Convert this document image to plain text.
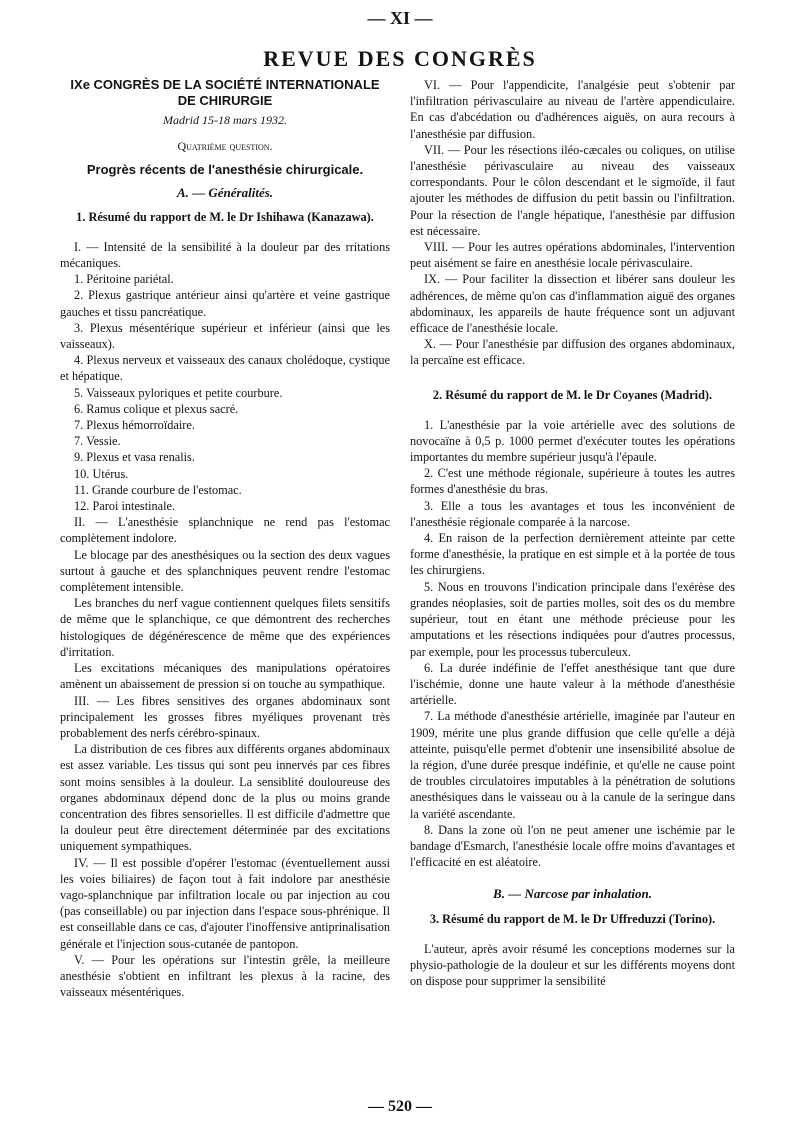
— XI —
REVUE DES CONGRÈS
IXe CONGRÈS DE LA SOCIÉTÉ INTERNATIONALE DE CHIRURGIE
Madrid 15-18 mars 1932.
Quatrième question.
Progrès récents de l'anesthésie chirurgicale.
A. — Généralités.
1. Résumé du rapport de M. le Dr Ishihawa (Kanazawa).

I. — Intensité de la sensibilité à la douleur par des rritations mécaniques.

1. Péritoine pariétal.

2. Plexus gastrique antérieur ainsi qu'artère et veine gastrique gauches et tissu pancréatique.

3. Plexus mésentérique supérieur et inférieur (ainsi que les vaisseaux).

4. Plexus nerveux et vaisseaux des canaux cholédoque, cystique et hépatique.

5. Vaisseaux pyloriques et petite courbure.

6. Ramus colique et plexus sacré.

7. Plexus hémorroïdaire.

7. Vessie.

9. Plexus et vasa renalis.

10. Utérus.

11. Grande courbure de l'estomac.

12. Paroi intestinale.

II. — L'anesthésie splanchnique ne rend pas l'estomac complètement indolore.

Le blocage par des anesthésiques ou la section des deux vagues surtout à gauche et des splanchniques peuvent rendre l'estomac complètement intensible.

Les branches du nerf vague contiennent quelques filets sensitifs de même que le splanchique, ce que démontrent des recherches histologiques de dégénérescence de même que des expériences d'irritation.

Les excitations mécaniques des manipulations opératoires amènent un abaissement de pression si on touche au sympathique.

III. — Les fibres sensitives des organes abdominaux sont principalement les grosses fibres myéliques provenant très probablement des nerfs cérébro-spinaux.

La distribution de ces fibres aux différents organes abdominaux est assez variable. Les tissus qui sont peu innervés par ces fibres sont moins sensibles à la douleur. La sensiblité douloureuse des organes abdominaux dépend donc de la plus ou moins grande concentration des fibres sensorielles. Il est difficile d'admettre que la douleur peut être directement déterminée par des excitations uniquement sympathiques.

IV. — Il est possible d'opérer l'estomac (éventuellement aussi les voies biliaires) de façon tout à fait indolore par anesthésie vago-splanchnique par infiltration locale ou par injection au cou (pas conseillable) ou par injection dans l'espace sous-phrénique. Il est conseillable dans ce cas, d'ajouter l'inoffensive antiprinalisation générale et l'injection sous-cutanée de pantopon.

V. — Pour les opérations sur l'intestin grêle, la meilleure anesthésie s'obtient en infiltrant les plexus à la racine, des vaisseaux mésentériques.

VI. — Pour l'appendicite, l'analgésie peut s'obtenir par l'infiltration périvasculaire au niveau de l'artère appendiculaire. En cas d'abcédation ou d'adhérences aiguës, on aura recours à l'anesthésie par diffusion.

VII. — Pour les résections iléo-cæcales ou coliques, on utilise l'anesthésie périvasculaire au niveau des vaisseaux correspondants. Pour le côlon descendant et le sigmoïde, il faut ajouter les méthodes de diffusion du petit bassin ou l'infiltration. Pour la résection de l'angle hépatique, l'anesthésie par diffusion est nécessaire.

VIII. — Pour les autres opérations abdominales, l'intervention peut aisément se faire en anesthésie locale périvasculaire.

IX. — Pour faciliter la dissection et libérer sans douleur les adhérences, de même qu'on cas d'inflammation aiguë des organes abdominaux, les appareils de haute fréquence sont un adjuvant efficace de l'anesthésie locale.

X. — Pour l'anesthésie par diffusion des organes abdominaux, la percaïne est efficace.

2. Résumé du rapport de M. le Dr Coyanes (Madrid).

1. L'anesthésie par la voie artérielle avec des solutions de novocaïne à 0,5 p. 1000 permet d'exécuter toutes les opérations importantes du membre supérieur jusqu'à l'épaule.

2. C'est une méthode régionale, supérieure à toutes les autres formes d'anesthésie du bras.

3. Elle a tous les avantages et tous les inconvénient de l'anesthésie régionale comparée à la narcose.

4. En raison de la perfection dernièrement atteinte par cette forme d'anesthésie, la pratique en est simple et à la portée de tous les chirurgiens.

5. Nous en trouvons l'indication principale dans l'exérèse des grandes néoplasies, soit de parties molles, soit des os du membre supérieur, tout en étant une méthode précieuse pour les amputations et les résections indiquées pour d'autres processus, par exemple, pour les processus tuberculeux.

6. La durée indéfinie de l'effet anesthésique tant que dure l'ischémie, donne une haute valeur à la méthode d'anesthésie artérielle.

7. La méthode d'anesthésie artérielle, imaginée par l'auteur en 1909, mérite une plus grande diffusion que celle qu'elle a déjà atteinte, puisqu'elle permet d'obtenir une insensibilité absolue de la région, d'une durée presque indéfinie, et qu'elle ne cause point de troubles circulatoires imputables à la pénétration de solutions anesthésiques dans le vaisseau ou à la canule de la seringue dans la variété ascendante.

8. Dans la zone où l'on ne peut amener une ischémie par le bandage d'Esmarch, l'anesthésie locale offre moins d'avantages et l'efficacité en est aléatoire.

B. — Narcose par inhalation.
3. Résumé du rapport de M. le Dr Uffreduzzi (Torino).

L'auteur, après avoir résumé les conceptions modernes sur la physio-pathologie de la douleur et sur les différents moyens dont on dispose pour supprimer la sensibilité

— 520 —
